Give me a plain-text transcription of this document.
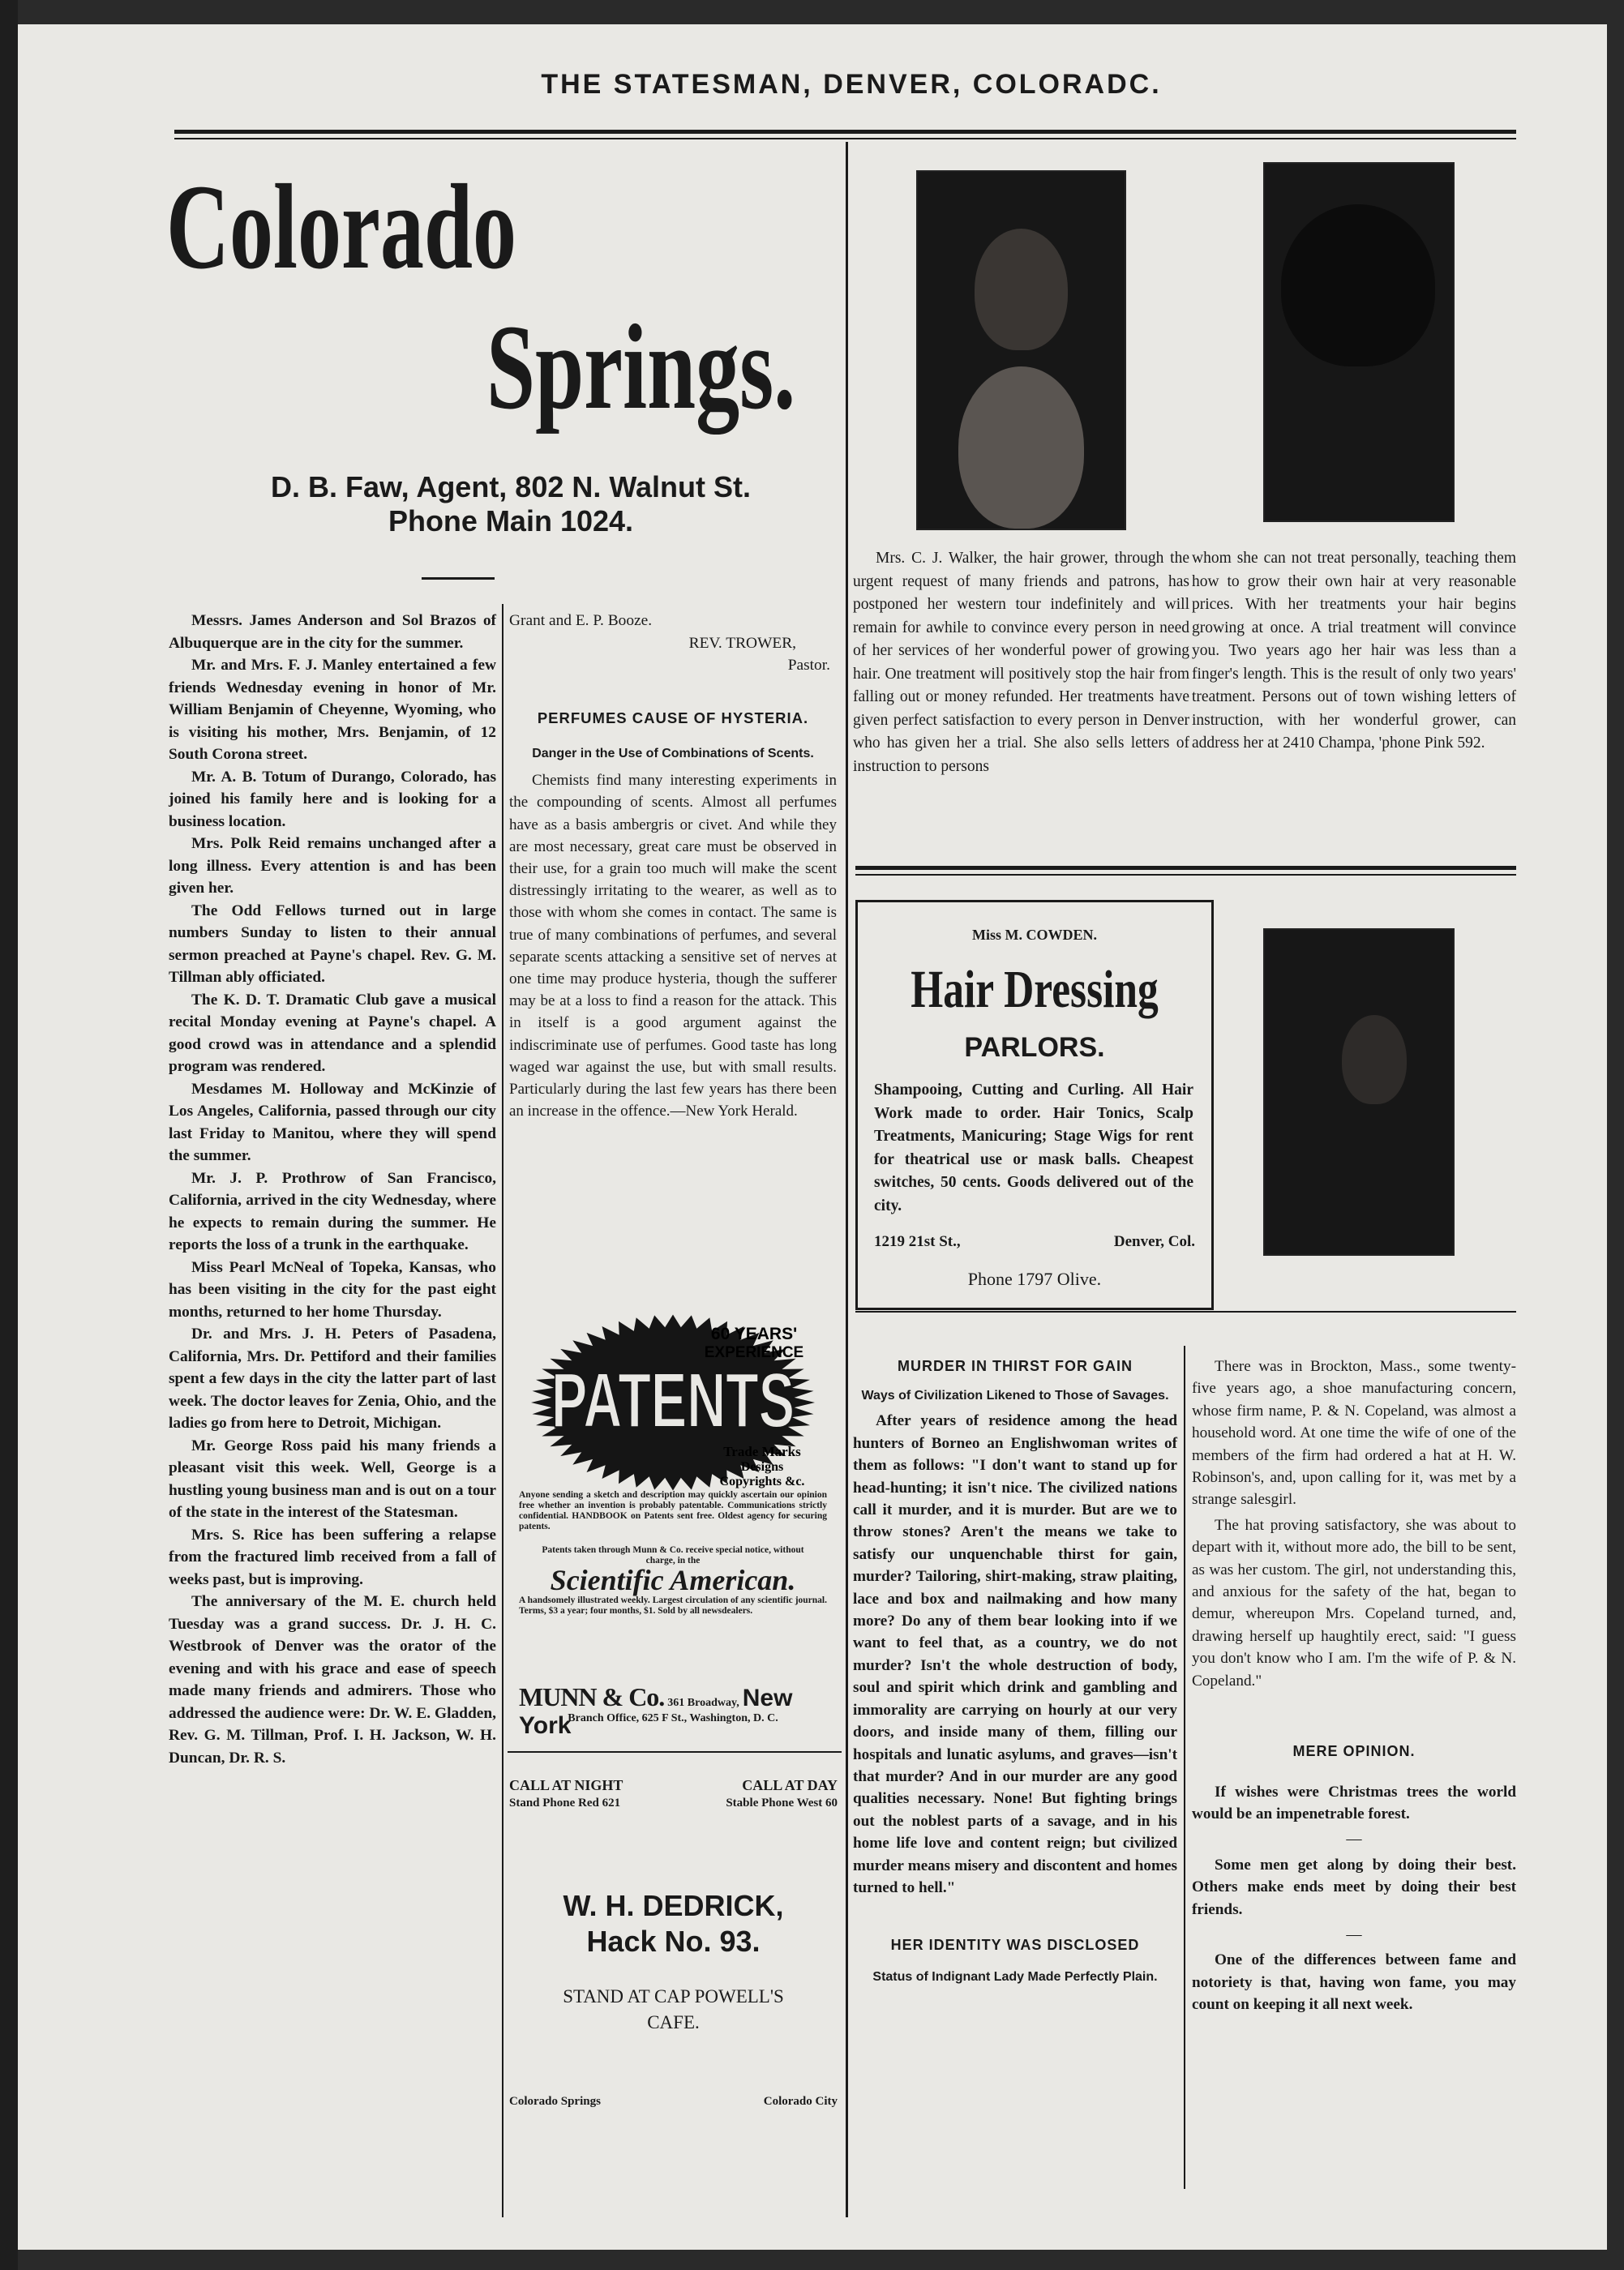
THE STATESMAN, DENVER, COLORADC.
Colorado
Springs.
D. B. Faw, Agent, 802 N. Walnut St.
Phone Main 1024.

Messrs. James Anderson and Sol Brazos of Albuquerque are in the city for the summer.

Mr. and Mrs. F. J. Manley entertained a few friends Wednesday evening in honor of Mr. William Benjamin of Cheyenne, Wyoming, who is visiting his mother, Mrs. Benjamin, of 12 South Corona street.

Mr. A. B. Totum of Durango, Colorado, has joined his family here and is looking for a business location.

Mrs. Polk Reid remains unchanged after a long illness. Every attention is and has been given her.

The Odd Fellows turned out in large numbers Sunday to listen to their annual sermon preached at Payne's chapel. Rev. G. M. Tillman ably officiated.

The K. D. T. Dramatic Club gave a musical recital Monday evening at Payne's chapel. A good crowd was in attendance and a splendid program was rendered.

Mesdames M. Holloway and McKinzie of Los Angeles, California, passed through our city last Friday to Manitou, where they will spend the summer.

Mr. J. P. Prothrow of San Francisco, California, arrived in the city Wednesday, where he expects to remain during the summer. He reports the loss of a trunk in the earthquake.

Miss Pearl McNeal of Topeka, Kansas, who has been visiting in the city for the past eight months, returned to her home Thursday.

Dr. and Mrs. J. H. Peters of Pasadena, California, Mrs. Dr. Pettiford and their families spent a few days in the city the latter part of last week. The doctor leaves for Zenia, Ohio, and the ladies go from here to Detroit, Michigan.

Mr. George Ross paid his many friends a pleasant visit this week. Well, George is a hustling young business man and is out on a tour of the state in the interest of the Statesman.

Mrs. S. Rice has been suffering a relapse from the fractured limb received from a fall of weeks past, but is improving.

The anniversary of the M. E. church held Tuesday was a grand success. Dr. J. H. C. Westbrook of Denver was the orator of the evening and with his grace and ease of speech made many friends and admirers. Those who addressed the audience were: Dr. W. E. Gladden, Rev. G. M. Tillman, Prof. I. H. Jackson, W. H. Duncan, Dr. R. S.

Grant and E. P. Booze.

REV. TROWER,
Pastor.
PERFUMES CAUSE OF HYSTERIA.
Danger in the Use of Combinations of Scents.

Chemists find many interesting experiments in the compounding of scents. Almost all perfumes have as a basis ambergris or civet. And while they are most necessary, great care must be observed in their use, for a grain too much will make the scent distressingly irritating to the wearer, as well as to those with whom she comes in contact. The same is true of many combinations of perfumes, and several separate scents attacking a sensitive set of nerves at one time may produce hysteria, though the sufferer may be at a loss to find a reason for the attack. This in itself is a good argument against the indiscriminate use of perfumes. Good taste has long waged war against the use, but with small results. Particularly during the last few years has there been an increase in the offence.—New York Herald.

60 YEARS'
EXPERIENCE
PATENTS
Trade Marks
Designs
Copyrights &c.
Anyone sending a sketch and description may quickly ascertain our opinion free whether an invention is probably patentable. Communications strictly confidential. HANDBOOK on Patents sent free. Oldest agency for securing patents.
Patents taken through Munn & Co. receive special notice, without charge, in the
Scientific American.
A handsomely illustrated weekly. Largest circulation of any scientific journal. Terms, $3 a year; four months, $1. Sold by all newsdealers.
MUNN & Co. 361 Broadway, New York
Branch Office, 625 F St., Washington, D. C.
CALL AT NIGHT
Stand Phone Red 621
CALL AT DAY
Stable Phone West 60
W. H. DEDRICK,
Hack No. 93.
STAND AT CAP POWELL'S
CAFE.
Colorado Springs	Colorado City

Mrs. C. J. Walker, the hair grower, through the urgent request of many friends and patrons, has postponed her western tour indefinitely and will remain for awhile to convince every person in need of her services of her wonderful power of growing hair. One treatment will positively stop the hair from falling out or money refunded. Her treatments have given perfect satisfaction to every person in Denver who has given her a trial. She also sells letters of instruction to persons

whom she can not treat personally, teaching them how to grow their own hair at very reasonable prices. With her treatments your hair begins growing at once. A trial treatment will convince you. Two years ago her hair was less than a finger's length. This is the result of only two years' treatment. Persons out of town wishing letters of instruction, with her wonderful grower, can address her at 2410 Champa, 'phone Pink 592.

Miss M. COWDEN.
Hair Dressing
PARLORS.
Shampooing, Cutting and Curling. All Hair Work made to order. Hair Tonics, Scalp Treatments, Manicuring; Stage Wigs for rent for theatrical use or mask balls. Cheapest switches, 50 cents. Goods delivered out of the city.
1219 21st St.,	Denver, Col.
Phone 1797 Olive.
MURDER IN THIRST FOR GAIN
Ways of Civilization Likened to Those of Savages.

After years of residence among the head hunters of Borneo an Englishwoman writes of them as follows: "I don't want to stand up for head-hunting; it isn't nice. The civilized nations call it murder, and it is murder. But are we to throw stones? Aren't the means we take to satisfy our unquenchable thirst for gain, murder? Tailoring, shirt-making, straw plaiting, lace and box and nailmaking and how many more? Do any of them bear looking into if we want to feel that, as a country, we do not murder? Isn't the whole destruction of body, soul and spirit which drink and gambling and immorality are carrying on hourly at our very doors, and inside many of them, filling our hospitals and lunatic asylums, and graves—isn't that murder? And in our murder are any good qualities necessary. None! But fighting brings out the noblest parts of a savage, and in his home life love and content reign; but civilized murder means misery and discontent and homes turned to hell."

HER IDENTITY WAS DISCLOSED
Status of Indignant Lady Made Perfectly Plain.

There was in Brockton, Mass., some twenty-five years ago, a shoe manufacturing concern, whose firm name, P. & N. Copeland, was almost a household word. At one time the wife of one of the members of the firm had ordered a hat at H. W. Robinson's, and, upon calling for it, was met by a strange salesgirl.

The hat proving satisfactory, she was about to depart with it, without more ado, the bill to be sent, as was her custom. The girl, not understanding this, and anxious for the safety of the hat, began to demur, whereupon Mrs. Copeland turned, and, drawing herself up haughtily erect, said: "I guess you don't know who I am. I'm the wife of P. & N. Copeland."

MERE OPINION.

If wishes were Christmas trees the world would be an impenetrable forest.

—

Some men get along by doing their best. Others make ends meet by doing their best friends.

—

One of the differences between fame and notoriety is that, having won fame, you may count on keeping it all next week.
